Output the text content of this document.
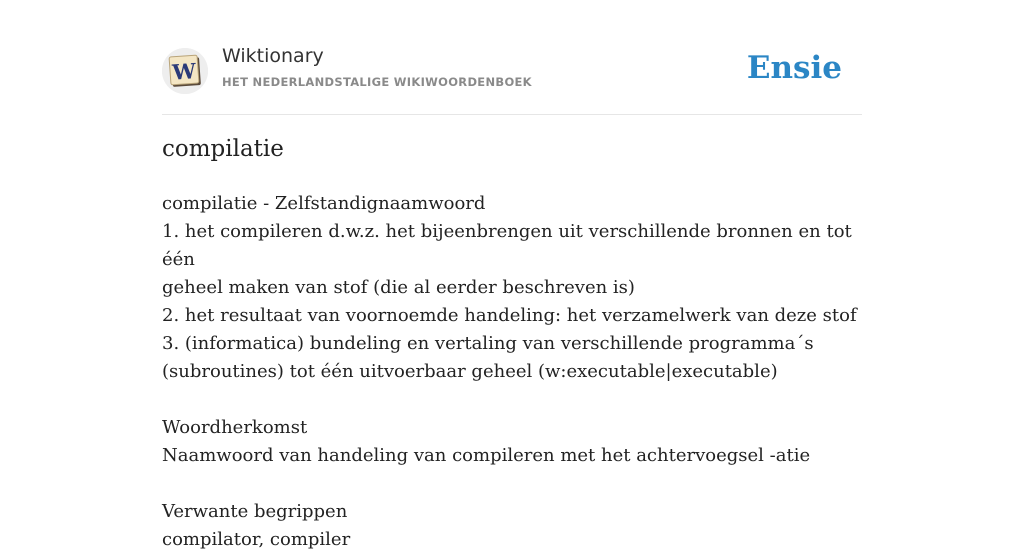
W
Wiktionary
HET NEDERLANDSTALIGE WIKIWOORDENBOEK	Ensie
compilatie

compilatie - Zelfstandignaamwoord

1. het compileren d.w.z. het bijeenbrengen uit verschillende bronnen en tot één

geheel maken van stof (die al eerder beschreven is)

2. het resultaat van voornoemde handeling: het verzamelwerk van deze stof

3. (informatica) bundeling en vertaling van verschillende programma´s

(subroutines) tot één uitvoerbaar geheel (w:executable|executable)

Woordherkomst

Naamwoord van handeling van compileren met het achtervoegsel -atie

Verwante begrippen

compilator, compiler
